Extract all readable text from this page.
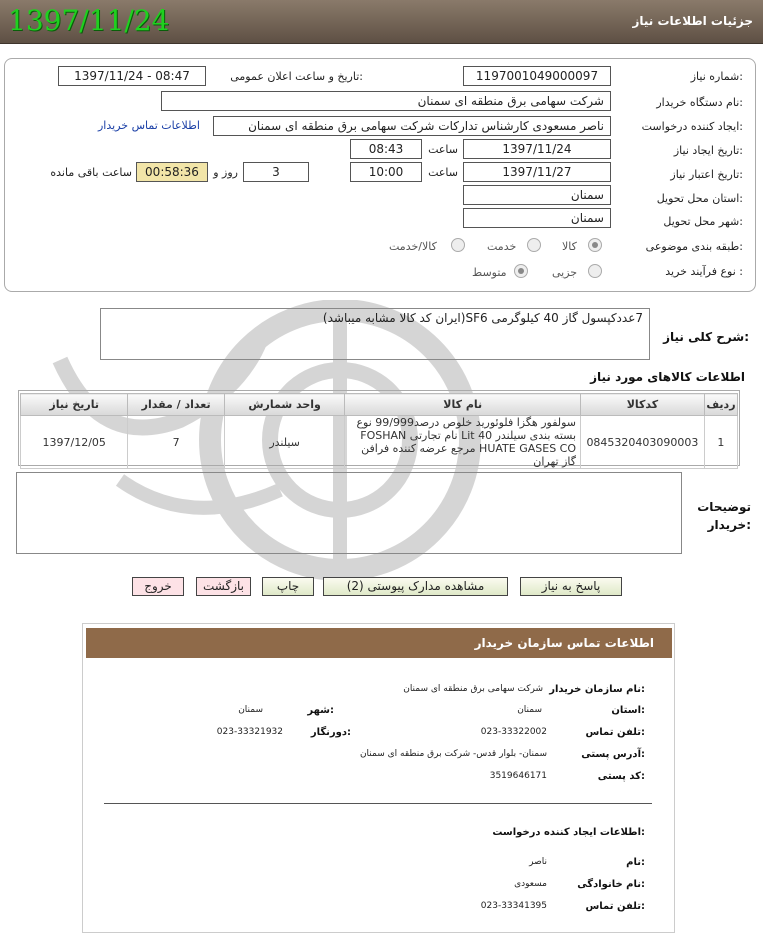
جزئیات اطلاعات نیاز
1397/11/24
شماره نیاز:
1197001049000097
تاریخ و ساعت اعلان عمومی:
1397/11/24 - 08:47
نام دستگاه خریدار:
شرکت سهامی برق منطقه ای سمنان
ایجاد کننده درخواست:
ناصر مسعودی کارشناس تدارکات شرکت سهامی برق منطقه ای سمنان
اطلاعات تماس خریدار
تاریخ ایجاد نیاز:
1397/11/24
ساعت
08:43
تاریخ اعتبار نیاز:
1397/11/27
ساعت
10:00
3
روز و
00:58:36
ساعت باقی مانده
استان محل تحویل:
سمنان
شهر محل تحویل:
سمنان
طبقه بندی موضوعی:
کالا
خدمت
کالا/خدمت
نوع فرآیند خرید :
جزیی
متوسط
شرح کلی نیاز:
7عددکپسول گاز 40 کیلوگرمی SF6(ایران کد کالا مشابه میباشد)
اطلاعات کالاهای مورد نیاز
تاریخ نیاز	تعداد / مقدار	واحد شمارش	نام کالا	کدکالا	ردیف
1397/12/05	7	سیلندر	سولفور هگزا فلوئورید خلوص درصد99/999 نوع بسته بندی سیلندر 40 Lit نام تجارتی FOSHAN HUATE GASES CO مرجع عرضه کننده فرافن گاز تهران	0845320403090003	1
توضیحات خریدار:
پاسخ به نیاز
مشاهده مدارک پیوستی (2)
چاپ
بازگشت
خروج
اطلاعات تماس سازمان خریدار
نام سازمان خریدار:
شرکت سهامی برق منطقه ای سمنان
استان:
سمنان
شهر:
سمنان
تلفن تماس:
023-33322002
دورنگار:
023-33321932
آدرس پستی:
سمنان- بلوار قدس- شرکت برق منطقه ای سمنان
کد پستی:
3519646171
اطلاعات ایجاد کننده درخواست:
نام:
ناصر
نام خانوادگی:
مسعودی
تلفن تماس:
023-33341395
